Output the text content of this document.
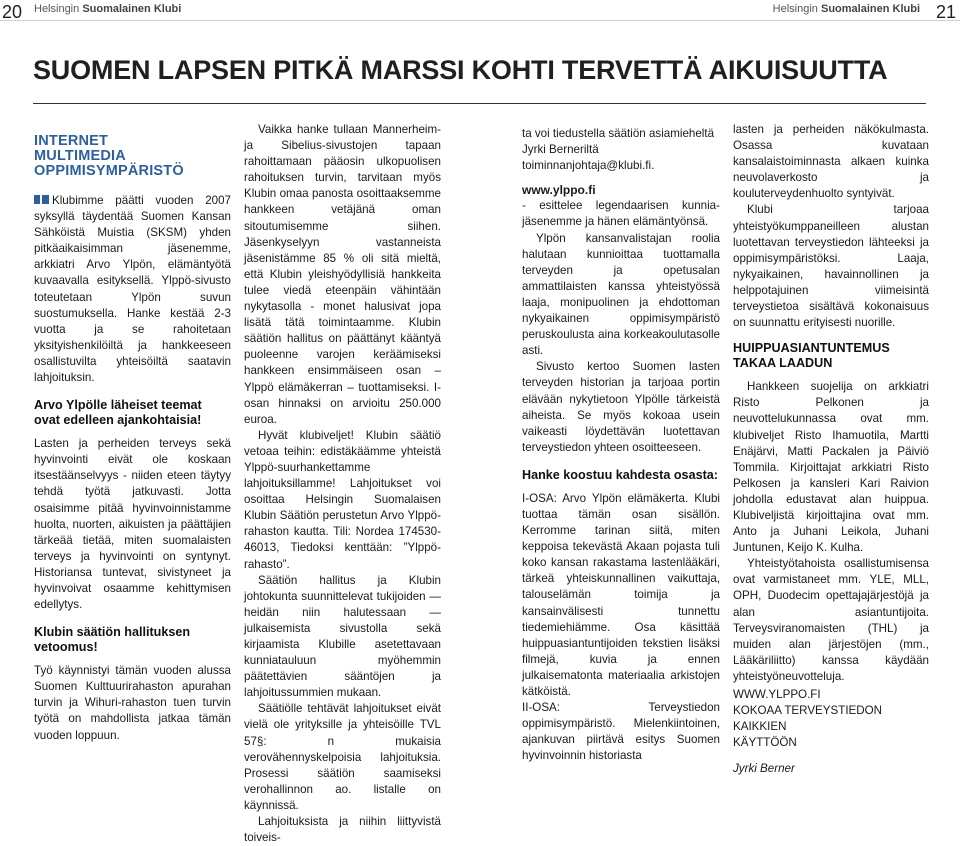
20 Helsingin Suomalainen Klubi	Helsingin Suomalainen Klubi 21
SUOMEN LAPSEN PITKÄ MARSSI KOHTI TERVETTÄ AIKUISUUTTA
INTERNET
MULTIMEDIA
OPPIMISYMPÄRISTÖ

Klubimme päätti vuoden 2007 syksyllä täydentää Suomen Kansan Sähköistä Muistia (SKSM) yhden pitkäaikaisimman jäsenemme, arkkiatri Arvo Ylpön, elämäntyötä kuvaavalla esityksellä. Ylppö-sivusto toteutetaan Ylpön suvun suostumuksella. Hanke kestää 2-3 vuotta ja se rahoitetaan yksityishenkilöiltä ja hankkeeseen osallistuvilta yhteisöiltä saatavin lahjoituksin.

Arvo Ylpölle läheiset teemat ovat edelleen ajankohtaisia!

Lasten ja perheiden terveys sekä hyvinvointi eivät ole koskaan itsestäänselvyys - niiden eteen täytyy tehdä työtä jatkuvasti. Jotta osaisimme pitää hyvinvoinnistamme huolta, nuorten, aikuisten ja päättäjien tärkeää tietää, miten suomalaisten terveys ja hyvinvointi on syntynyt. Historiansa tuntevat, sivistyneet ja hyvinvoivat osaamme kehittymisen edellytys.

Klubin säätiön hallituksen vetoomus!

Työ käynnistyi tämän vuoden alussa Suomen Kulttuurirahaston apurahan turvin ja Wihuri-rahaston tuen turvin työtä on mahdollista jatkaa tämän vuoden loppuun.

Vaikka hanke tullaan Mannerheim- ja Sibelius-sivustojen tapaan rahoittamaan pääosin ulkopuolisen rahoituksen turvin, tarvitaan myös Klubin omaa panosta osoittaaksemme hankkeen vetäjänä oman sitoutumisemme siihen. Jäsenkyselyyn vastanneista jäsenistämme 85 % oli sitä mieltä, että Klubin yleishyödyllisiä hankkeita tulee viedä eteenpäin vähintään nykytasolla - monet halusivat jopa lisätä tätä toimintaamme. Klubin säätiön hallitus on päättänyt kääntyä puoleenne varojen keräämiseksi hankkeen ensimmäiseen osan – Ylppö elämäkerran – tuottamiseksi. I-osan hinnaksi on arvioitu 250.000 euroa.

Hyvät klubiveljet! Klubin säätiö vetoaa teihin: edistäkäämme yhteistä Ylppö-suurhankettamme lahjoituksillamme! Lahjoitukset voi osoittaa Helsingin Suomalaisen Klubin Säätiön perustetun Arvo Ylppö-rahaston kautta. Tili: Nordea 174530-46013, Tiedoksi kenttään: ”Ylppö-rahasto”.

Säätiön hallitus ja Klubin johtokunta suunnittelevat tukijoiden — heidän niin halutessaan — julkaisemista sivustolla sekä kirjaamista Klubille asetettavaan kunniatauluun myöhemmin päätettävien sääntöjen ja lahjoitussummien mukaan.

Säätiölle tehtävät lahjoitukset eivät vielä ole yrityksille ja yhteisöille TVL 57§: n mukaisia verovähennyskelpoisia lahjoituksia. Prosessi säätiön saamiseksi verohallinnon ao. listalle on käynnissä.

Lahjoituksista ja niihin liittyvistä toiveis-

ta voi tiedustella säätiön asiamieheltä Jyrki Berneriltä toiminnanjohtaja@klubi.fi.

www.ylppo.fi

- esittelee legendaarisen kunnia-jäsenemme ja hänen elämäntyönsä.

Ylpön kansanvalistajan roolia halutaan kunnioittaa tuottamalla terveyden ja opetusalan ammattilaisten kanssa yhteistyössä laaja, monipuolinen ja ehdottoman nykyaikainen oppimisympäristö peruskoulusta aina korkeakoulutasolle asti.

Sivusto kertoo Suomen lasten terveyden historian ja tarjoaa portin elävään nykytietoon Ylpölle tärkeistä aiheista. Se myös kokoaa usein vaikeasti löydettävän luotettavan terveystiedon yhteen osoitteeseen.

Hanke koostuu kahdesta osasta:

I-OSA: Arvo Ylpön elämäkerta. Klubi tuottaa tämän osan sisällön. Kerromme tarinan siitä, miten keppoisa tekevästä Akaan pojasta tuli koko kansan rakastama lastenlääkäri, tärkeä yhteiskunnallinen vaikuttaja, talouselämän toimija ja kansainvälisesti tunnettu tiedemiehiämme. Osa käsittää huippuasiantuntijoiden tekstien lisäksi filmejä, kuvia ja ennen julkaisematonta materiaalia arkistojen kätköistä.

II-OSA: Terveystiedon oppimisympäristö. Mielenkiintoinen, ajankuvan piirtävä esitys Suomen hyvinvoinnin historiasta

lasten ja perheiden näkökulmasta. Osassa kuvataan kansalaistoiminnasta alkaen kuinka neuvolaverkosto ja kouluterveydenhuolto syntyivät.

Klubi tarjoaa yhteistyökumppaneilleen alustan luotettavan terveystiedon lähteeksi ja oppimisympäristöksi. Laaja, nykyaikainen, havainnollinen ja helppotajuinen viimeisintä terveystietoa sisältävä kokonaisuus on suunnattu erityisesti nuorille.

HUIPPUASIANTUNTEMUS
TAKAA LAADUN

Hankkeen suojelija on arkkiatri Risto Pelkonen ja neuvottelukunnassa ovat mm. klubiveljet Risto Ihamuotila, Martti Enäjärvi, Matti Packalen ja Päiviö Tommila. Kirjoittajat arkkiatri Risto Pelkosen ja kansleri Kari Raivion johdolla edustavat alan huippua. Klubiveljistä kirjoittajina ovat mm. Anto ja Juhani Leikola, Juhani Juntunen, Keijo K. Kulha.

Yhteistyötahoista osallistumisensa ovat varmistaneet mm. YLE, MLL, OPH, Duodecim opettajajärjestöjä ja alan asiantuntijoita. Terveysviranomaisten (THL) ja muiden alan järjestöjen (mm., Lääkäriliitto) kanssa käydään yhteistyöneuvotteluja.

WWW.YLPPO.FI

KOKOAA TERVEYSTIEDON KAIKKIEN

KÄYTTÖÖN

Jyrki Berner
